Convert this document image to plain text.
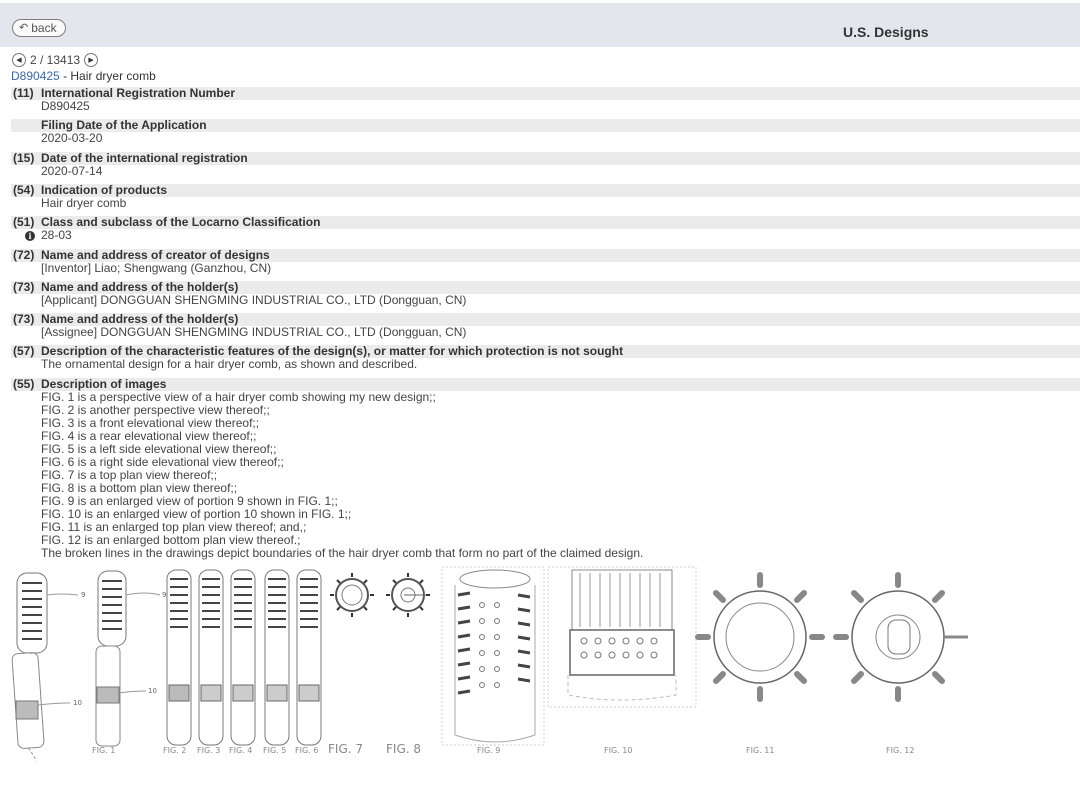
↶ back	U.S. Designs
◀ 2 / 13413 ▶
D890425 - Hair dryer comb
(11) International Registration Number
D890425
Filing Date of the Application
2020-03-20
(15) Date of the international registration
2020-07-14
(54) Indication of products
Hair dryer comb
(51) Class and subclass of the Locarno Classification
i 28-03
(72) Name and address of creator of designs
[Inventor] Liao; Shengwang (Ganzhou, CN)
(73) Name and address of the holder(s)
[Applicant] DONGGUAN SHENGMING INDUSTRIAL CO., LTD (Dongguan, CN)
(73) Name and address of the holder(s)
[Assignee] DONGGUAN SHENGMING INDUSTRIAL CO., LTD (Dongguan, CN)
(57) Description of the characteristic features of the design(s), or matter for which protection is not sought
The ornamental design for a hair dryer comb, as shown and described.
(55) Description of images
FIG. 1 is a perspective view of a hair dryer comb showing my new design;;
FIG. 2 is another perspective view thereof;;
FIG. 3 is a front elevational view thereof;;
FIG. 4 is a rear elevational view thereof;;
FIG. 5 is a left side elevational view thereof;;
FIG. 6 is a right side elevational view thereof;;
FIG. 7 is a top plan view thereof;;
FIG. 8 is a bottom plan view thereof;;
FIG. 9 is an enlarged view of portion 9 shown in FIG. 1;;
FIG. 10 is an enlarged view of portion 10 shown in FIG. 1;;
FIG. 11 is an enlarged top plan view thereof; and,;
FIG. 12 is an enlarged bottom plan view thereof.;
The broken lines in the drawings depict boundaries of the hair dryer comb that form no part of the claimed design.
9
10
9
10
FIG. 1	FIG. 2 FIG. 3 FIG. 4 FIG. 5 FIG. 6 FIG. 7 FIG. 8	FIG. 9	FIG. 10	FIG. 11	FIG. 12
